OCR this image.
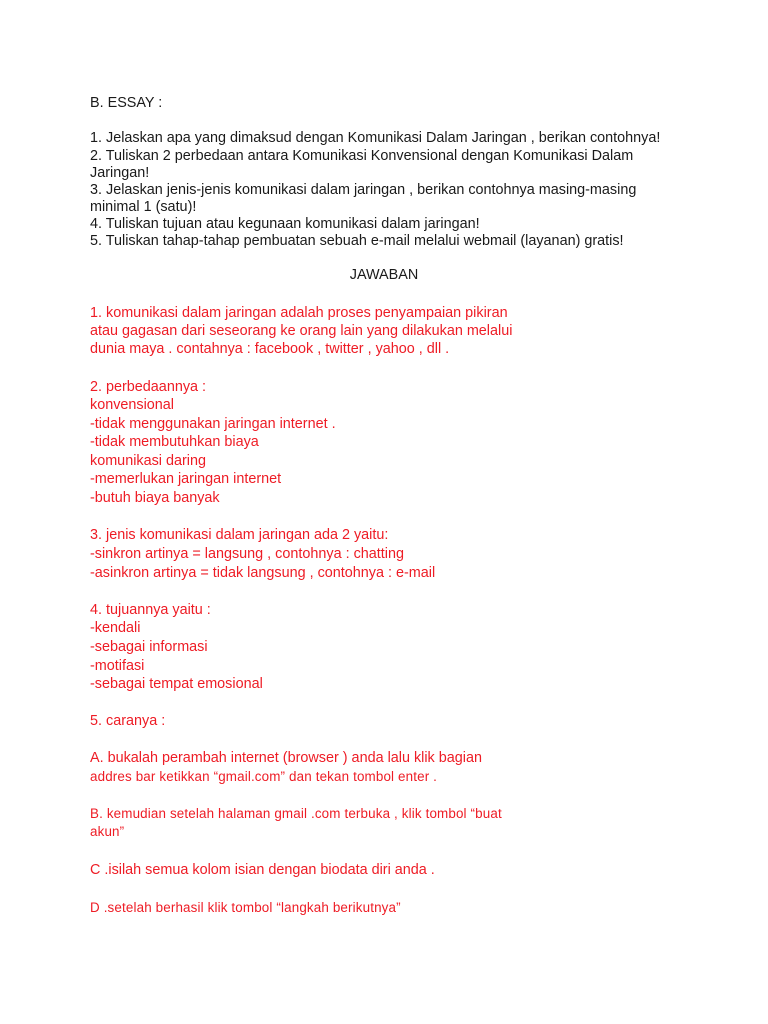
B. ESSAY :
1. Jelaskan apa yang dimaksud dengan Komunikasi Dalam Jaringan , berikan contohnya!
2. Tuliskan 2 perbedaan antara Komunikasi Konvensional dengan Komunikasi Dalam
Jaringan!
3. Jelaskan jenis-jenis komunikasi dalam jaringan , berikan contohnya masing-masing
minimal 1 (satu)!
4. Tuliskan tujuan atau kegunaan komunikasi dalam jaringan!
5. Tuliskan tahap-tahap pembuatan sebuah e-mail melalui webmail (layanan) gratis!
JAWABAN
1. komunikasi dalam jaringan adalah proses penyampaian pikiran
atau gagasan dari seseorang ke orang lain yang dilakukan melalui
dunia maya . contahnya : facebook , twitter , yahoo , dll .
2. perbedaannya :
konvensional
-tidak menggunakan jaringan internet .
-tidak membutuhkan biaya
komunikasi daring
-memerlukan jaringan internet
-butuh biaya banyak
3. jenis komunikasi dalam jaringan ada 2 yaitu:
-sinkron artinya = langsung , contohnya : chatting
-asinkron artinya = tidak langsung , contohnya : e-mail
4. tujuannya yaitu :
-kendali
-sebagai informasi
-motifasi
-sebagai tempat emosional
5. caranya :
A. bukalah perambah internet (browser ) anda lalu klik bagian
addres bar ketikkan “gmail.com” dan tekan tombol enter .
B. kemudian setelah halaman gmail .com terbuka , klik tombol “buat
akun”
C .isilah semua kolom isian dengan biodata diri anda .
D .setelah berhasil klik tombol “langkah berikutnya”
